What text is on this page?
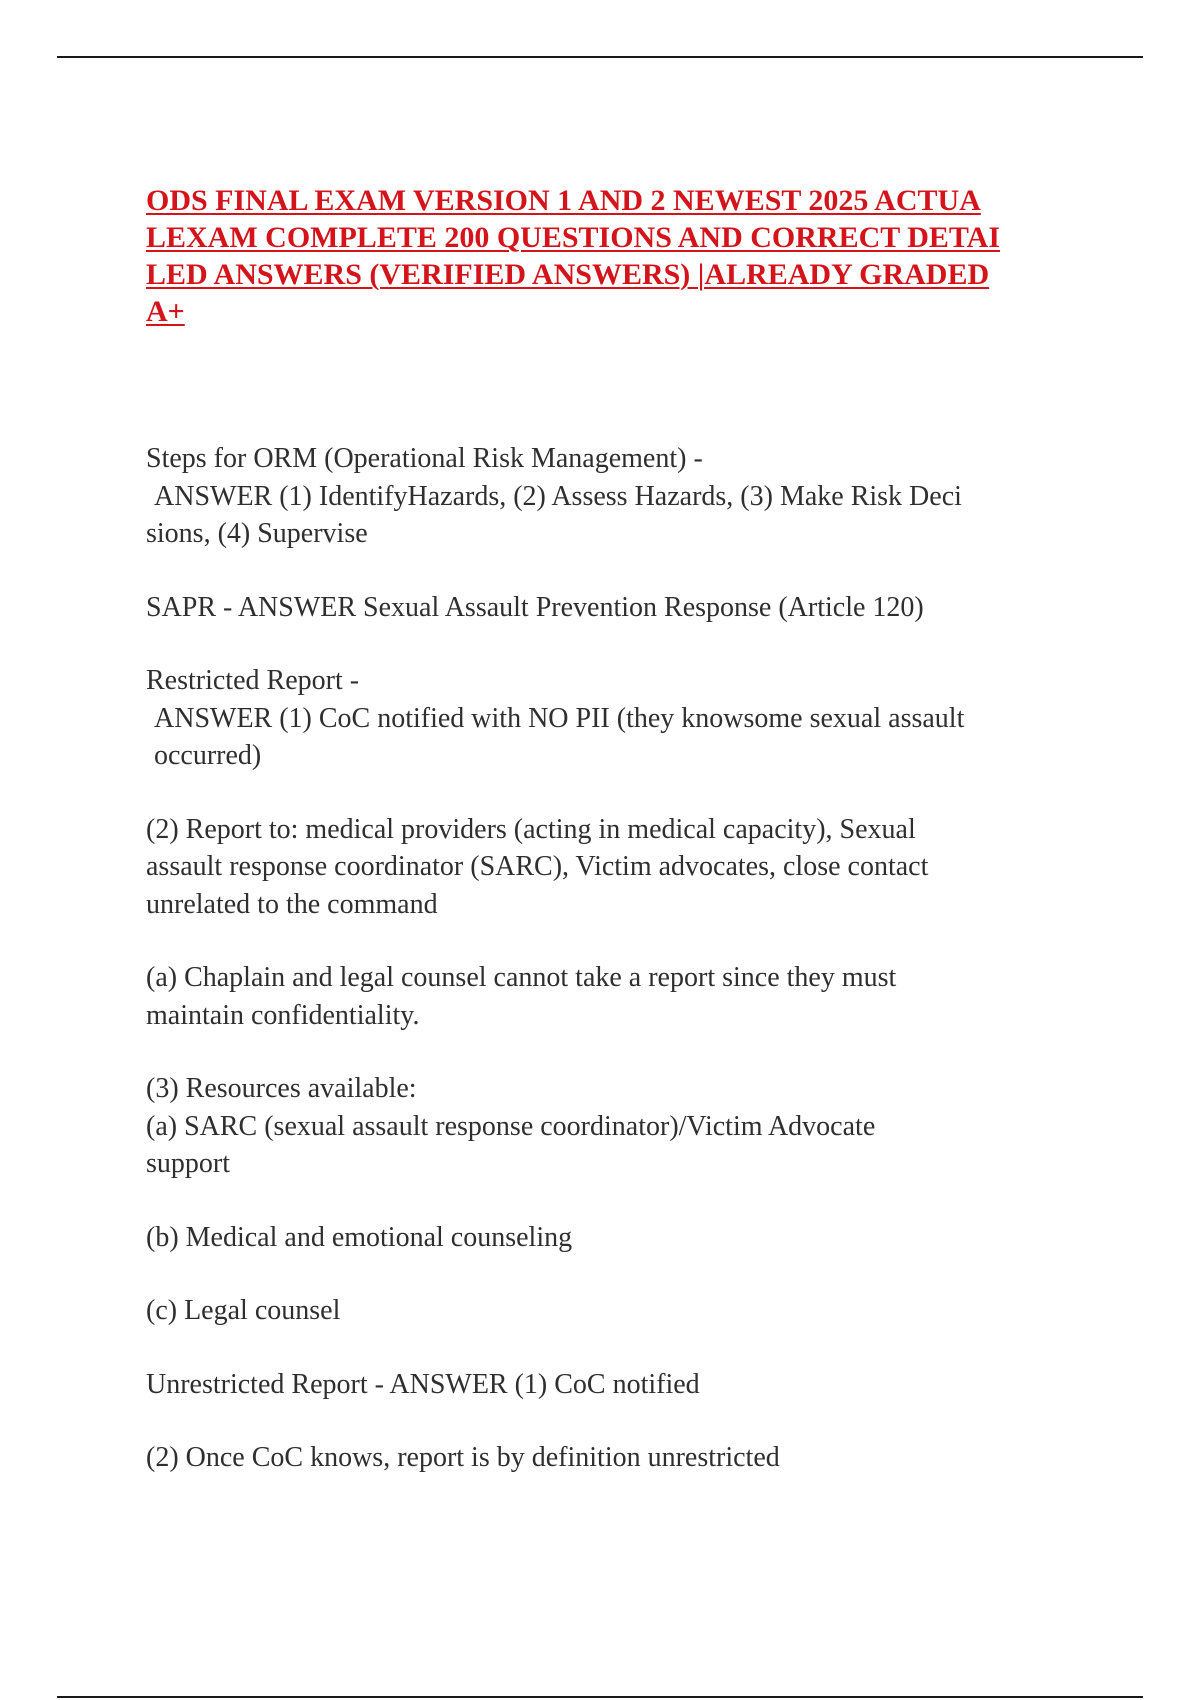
ODS FINAL EXAM VERSION 1 AND 2 NEWEST 2025 ACTUA
LEXAM COMPLETE 200 QUESTIONS AND CORRECT DETAI
LED ANSWERS (VERIFIED ANSWERS) |ALREADY GRADED
A+

Steps for ORM (Operational Risk Management) -
ANSWER (1) IdentifyHazards, (2) Assess Hazards, (3) Make Risk Deci
sions, (4) Supervise

SAPR - ANSWER Sexual Assault Prevention Response (Article 120)

Restricted Report -
ANSWER (1) CoC notified with NO PII (they knowsome sexual assault
occurred)

(2) Report to: medical providers (acting in medical capacity), Sexual
assault response coordinator (SARC), Victim advocates, close contact
unrelated to the command

(a) Chaplain and legal counsel cannot take a report since they must
maintain confidentiality.

(3) Resources available:
(a) SARC (sexual assault response coordinator)/Victim Advocate
support

(b) Medical and emotional counseling

(c) Legal counsel

Unrestricted Report - ANSWER (1) CoC notified

(2) Once CoC knows, report is by definition unrestricted
